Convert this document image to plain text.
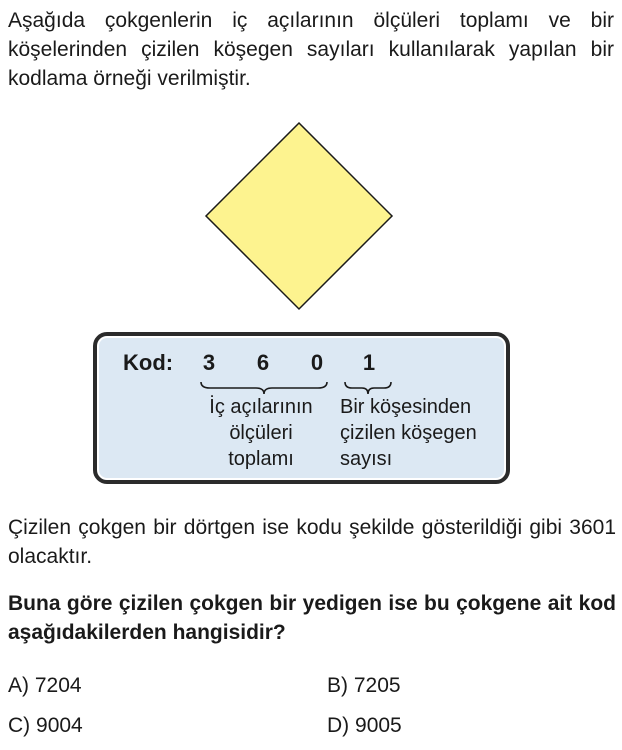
Aşağıda çokgenlerin iç açılarının ölçüleri toplamı ve bir köşelerinden çizilen köşegen sayıları kullanılarak yapılan bir kodlama örneği verilmiştir.

Kod: 3 6 0 1
İç açılarının
ölçüleri
toplamı
Bir köşesinden
çizilen köşegen
sayısı

Çizilen çokgen bir dörtgen ise kodu şekilde gösterildiği gibi 3601 olacaktır.

Buna göre çizilen çokgen bir yedigen ise bu çokgene ait kod aşağıdakilerden hangisidir?

A) 7204	B) 7205
C) 9004	D) 9005
